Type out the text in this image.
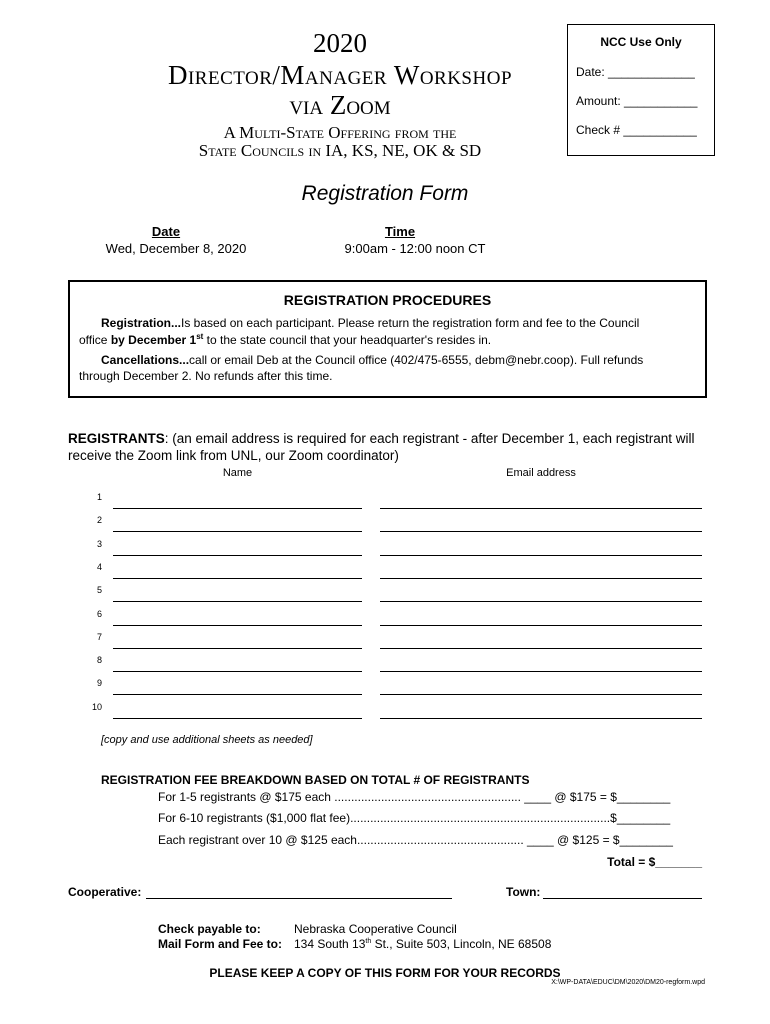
2020
Director/Manager Workshop
via Zoom
A Multi-State Offering from the
State Councils in IA, KS, NE, OK & SD
NCC Use Only
Date: _____________
Amount: ___________
Check # ___________
Registration Form
Date
Wed, December 8, 2020
Time
9:00am - 12:00 noon CT
REGISTRATION PROCEDURES
Registration...Is based on each participant. Please return the registration form and fee to the Council
office by December 1st to the state council that your headquarter's resides in.
Cancellations...call or email Deb at the Council office (402/475-6555, debm@nebr.coop). Full refunds
through December 2. No refunds after this time.
REGISTRANTS: (an email address is required for each registrant - after December 1, each registrant will receive the Zoom link from UNL, our Zoom coordinator)
Name	Email address
1
2
3
4
5
6
7
8
9
10
[copy and use additional sheets as needed]
REGISTRATION FEE BREAKDOWN BASED ON TOTAL # OF REGISTRANTS
For 1-5 registrants @ $175 each ........................................................ ____ @ $175 = $________
For 6-10 registrants ($1,000 flat fee)..............................................................................$________
Each registrant over 10 @ $125 each.................................................. ____ @ $125 = $________
Total = $_______
Cooperative:	Town:
Check payable to:	Nebraska Cooperative Council
Mail Form and Fee to: 134 South 13th St., Suite 503, Lincoln, NE 68508
PLEASE KEEP A COPY OF THIS FORM FOR YOUR RECORDS
X:\WP-DATA\EDUC\DM\2020\DM20-regform.wpd
